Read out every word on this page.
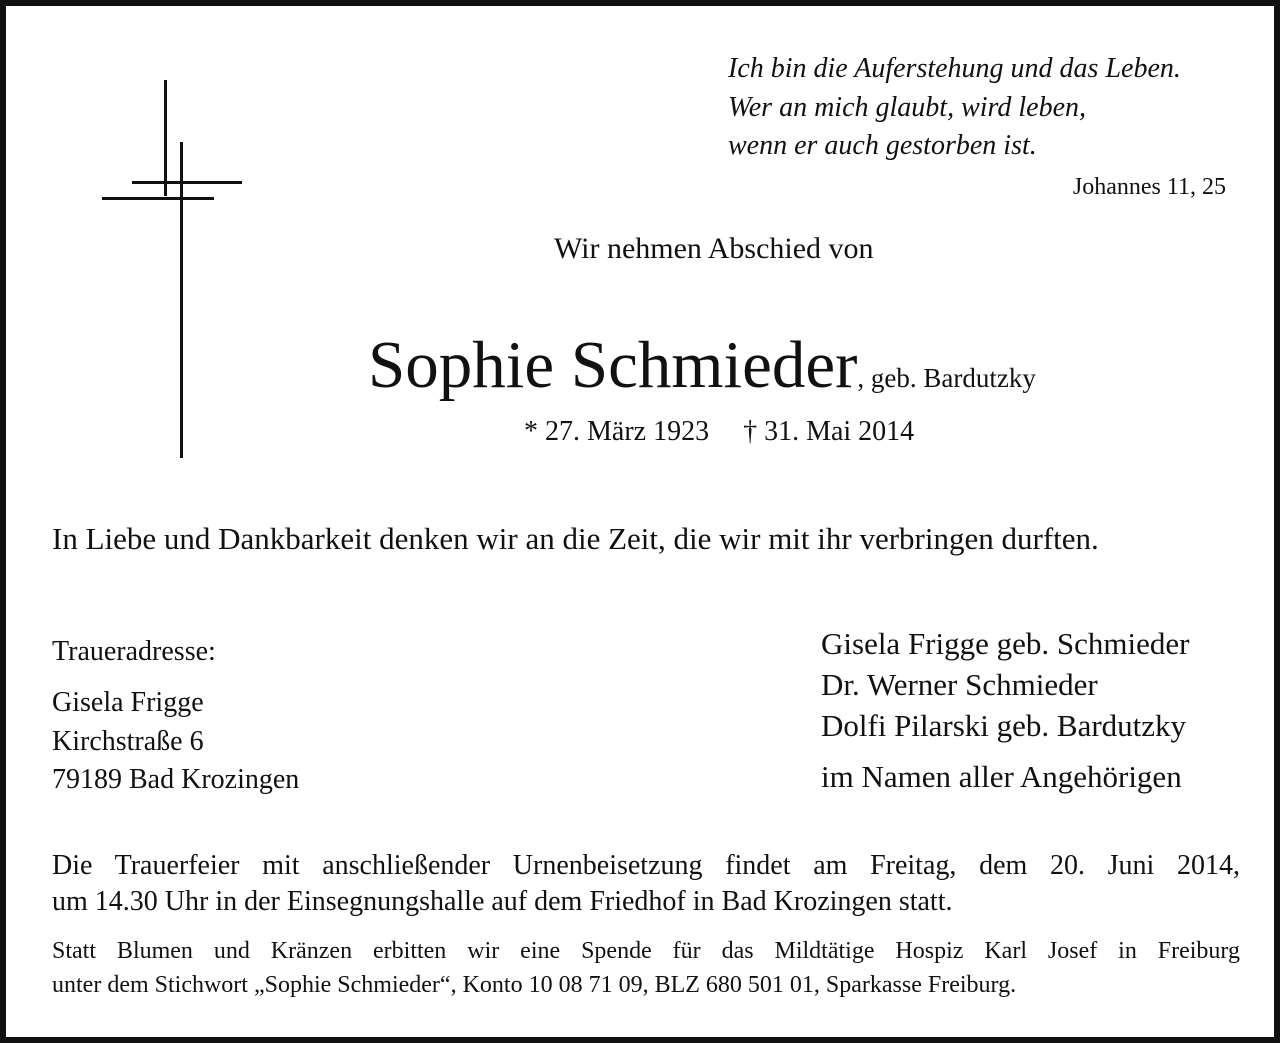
Ich bin die Auferstehung und das Leben.
Wer an mich glaubt, wird leben,
wenn er auch gestorben ist.
Johannes 11, 25
Wir nehmen Abschied von
Sophie Schmieder, geb. Bardutzky
* 27. März 1923 † 31. Mai 2014
In Liebe und Dankbarkeit denken wir an die Zeit, die wir mit ihr verbringen durften.
Traueradresse:
Gisela Frigge
Kirchstraße 6
79189 Bad Krozingen
Gisela Frigge geb. Schmieder
Dr. Werner Schmieder
Dolfi Pilarski geb. Bardutzky
im Namen aller Angehörigen
Die Trauerfeier mit anschließender Urnenbeisetzung findet am Freitag, dem 20. Juni 2014,
um 14.30 Uhr in der Einsegnungshalle auf dem Friedhof in Bad Krozingen statt.
Statt Blumen und Kränzen erbitten wir eine Spende für das Mildtätige Hospiz Karl Josef in Freiburg
unter dem Stichwort „Sophie Schmieder“, Konto 10 08 71 09, BLZ 680 501 01, Sparkasse Freiburg.
